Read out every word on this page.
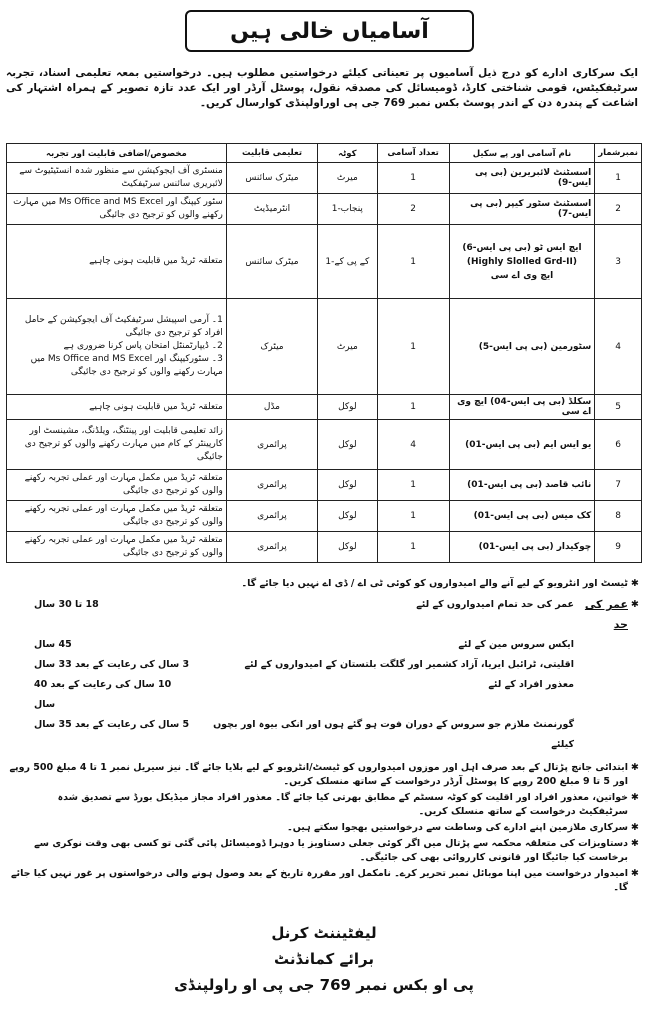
آسامیاں خالی ہیں
ایک سرکاری ادارے کو درج ذیل آسامیوں پر تعیناتی کیلئے درخواستیں مطلوب ہیں۔ درخواستیں بمعہ تعلیمی اسناد، تجربہ سرٹیفکیٹس، قومی شناختی کارڈ، ڈومیسائل کی مصدقہ نقول، پوسٹل آرڈر اور ایک عدد تازہ تصویر کے ہمراہ اشتہار کی اشاعت کے پندرہ دن کے اندر پوسٹ بکس نمبر 769 جی پی اوراولپنڈی کوارسال کریں۔
نمبرشمار	نام آسامی اور پے سکیل	تعداد آسامی	کوٹہ	تعلیمی قابلیت	مخصوص/اضافی قابلیت اور تجربہ
1	اسسٹنٹ لائبریرین (بی پی ایس-9)	1	میرٹ	میٹرک سائنس	منسٹری آف ایجوکیشن سے منظور شدہ انسٹیٹیوٹ سے لائبریری سائنس سرٹیفکیٹ

2	اسسٹنٹ سٹور کیپر (بی پی ایس-7)	2	پنجاب-1	انٹرمیڈیٹ	سٹور کیپنگ اور Ms Office and MS Excel میں مہارت رکھنے والوں کو ترجیح دی جائیگی

3	ایچ ایس ٹو (بی پی ایس-6)
(Highly Slolled Grd-II)
ایچ وی اے سی	1	کے پی کے-1	میٹرک سائنس	متعلقہ ٹریڈ میں قابلیت ہونی چاہیے

4	سٹورمین (بی پی ایس-5)	1	میرٹ	میٹرک	1۔ آرمی اسپیشل سرٹیفکیٹ آف ایجوکیشن کے حامل افراد کو ترجیح دی جائیگی
2۔ ڈیپارٹمنٹل امتحان پاس کرنا ضروری ہے
3۔ سٹورکیپنگ اور Ms Office and MS Excel میں مہارت رکھنے والوں کو ترجیح دی جائیگی

5	سکلڈ (بی پی ایس-04) ایچ وی اے سی	1	لوکل	مڈل	متعلقہ ٹریڈ میں قابلیت ہونی چاہیے

6	یو ایس ایم (بی پی ایس-01)	4	لوکل	پرائمری	زائد تعلیمی قابلیت اور پینٹنگ، ویلڈنگ، مشینسٹ اور کارپینٹر کے کام میں مہارت رکھنے والوں کو ترجیح دی جائیگی

7	نائب قاصد (بی پی ایس-01)	1	لوکل	پرائمری	متعلقہ ٹریڈ میں مکمل مہارت اور عملی تجربہ رکھنے والوں کو ترجیح دی جائیگی

8	کک میس (بی پی ایس-01)	1	لوکل	پرائمری	متعلقہ ٹریڈ میں مکمل مہارت اور عملی تجربہ رکھنے والوں کو ترجیح دی جائیگی

9	چوکیدار (بی پی ایس-01)	1	لوکل	پرائمری	متعلقہ ٹریڈ میں مکمل مہارت اور عملی تجربہ رکھنے والوں کو ترجیح دی جائیگی
✱
ٹیسٹ اور انٹرویو کے لیے آنے والے امیدواروں کو کوئی ٹی اے / ڈی اے نہیں دیا جائے گا۔
✱
عمر کی حد
عمر کی حد تمام امیدواروں کے لئے
18 تا 30 سال
ایکس سروس مین کے لئے
45 سال
اقلیتی، ٹرائبل ایریا، آزاد کشمیر اور گلگت بلتستان کے امیدواروں کے لئے
3 سال کی رعایت کے بعد 33 سال
معذور افراد کے لئے
10 سال کی رعایت کے بعد 40 سال
گورنمنٹ ملازم جو سروس کے دوران فوت ہو گئے ہوں اور انکی بیوہ اور بچوں کیلئے
5 سال کی رعایت کے بعد 35 سال
✱
ابتدائی جانچ پڑتال کے بعد صرف اہل اور موزوں امیدواروں کو ٹیسٹ/انٹرویو کے لیے بلایا جائے گا۔ نیز سیریل نمبر 1 تا 4 مبلغ 500 روپے اور 5 تا 9 مبلغ 200 روپے کا پوسٹل آرڈر درخواست کے ساتھ منسلک کریں۔
✱
خواتین، معذور افراد اور اقلیت کو کوٹہ سسٹم کے مطابق بھرتی کیا جائے گا۔ معذور افراد مجاز میڈیکل بورڈ سے تصدیق شدہ سرٹیفکیٹ درخواست کے ساتھ منسلک کریں۔
✱
سرکاری ملازمین اپنے ادارے کی وساطت سے درخواستیں بھجوا سکتے ہیں۔
✱
دستاویزات کی متعلقہ محکمہ سے پڑتال میں اگر کوئی جعلی دستاویز یا دوہرا ڈومیسائل پائی گئی تو کسی بھی وقت نوکری سے برخاست کیا جائیگا اور قانونی کارروائی بھی کی جائیگی۔
✱
امیدوار درخواست میں اپنا موبائل نمبر تحریر کرے۔ نامکمل اور مقررہ تاریخ کے بعد وصول ہونے والی درخواستوں پر غور نہیں کیا جائے گا۔
لیفٹیننٹ کرنل
برائے کمانڈنٹ
پی او بکس نمبر 769 جی پی او راولپنڈی
